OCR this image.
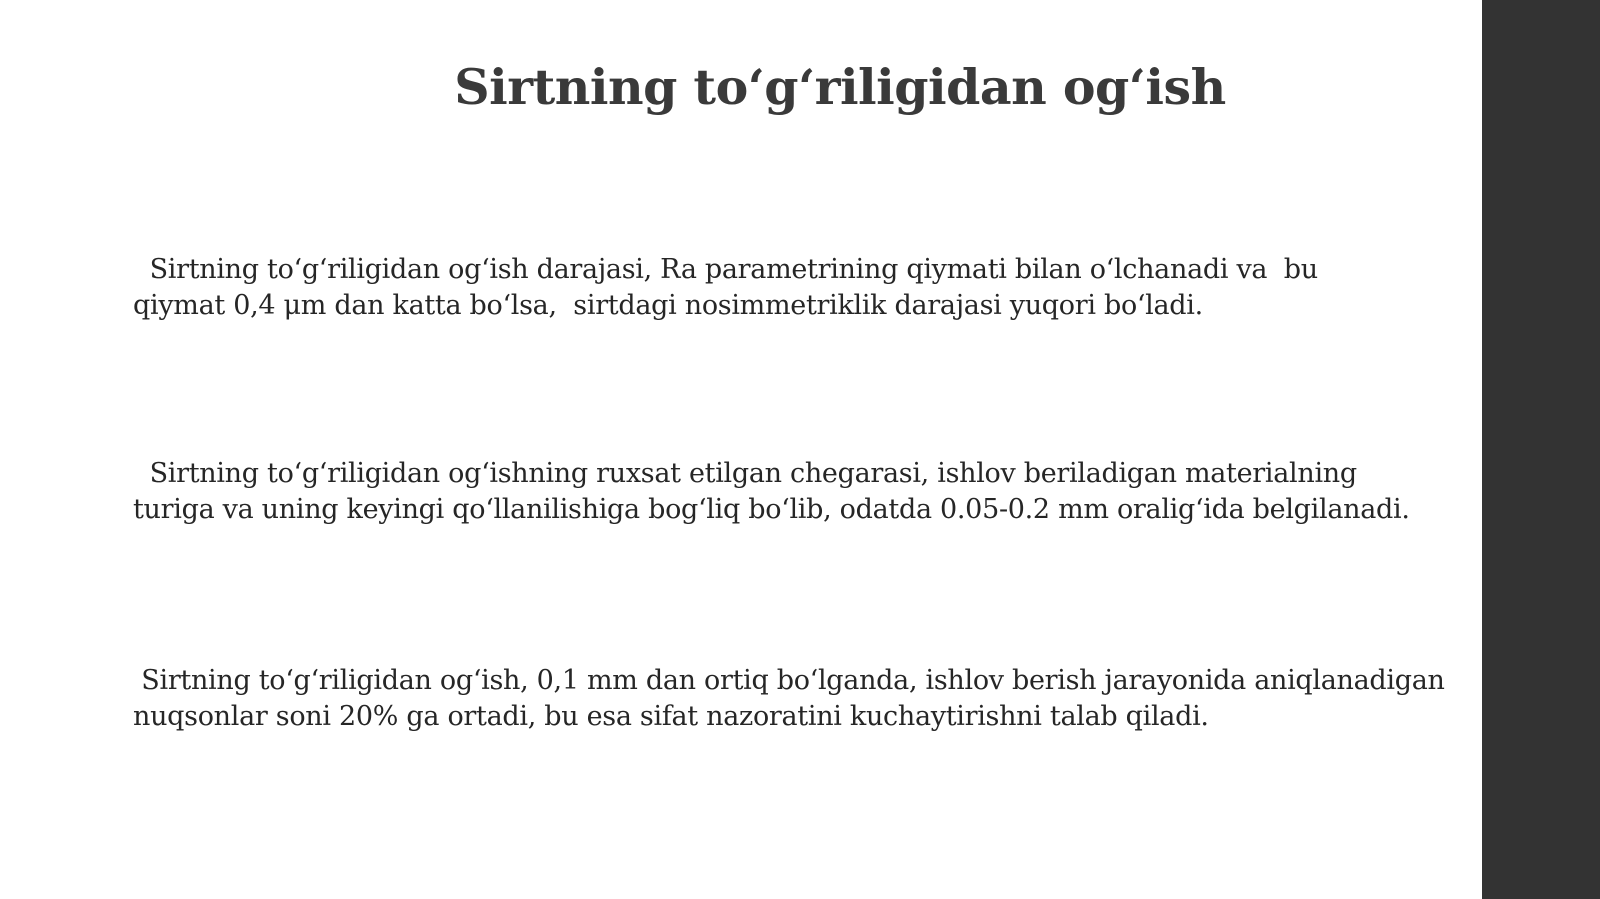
Sirtning to‘g‘riligidan og‘ish

Sirtning to‘g‘riligidan og‘ish darajasi, Ra parametrining qiymati bilan o‘lchanadi va  bu
qiymat 0,4 μm dan katta bo‘lsa,  sirtdagi nosimmetriklik darajasi yuqori bo‘ladi.

Sirtning to‘g‘riligidan og‘ishning ruxsat etilgan chegarasi, ishlov beriladigan materialning
turiga va uning keyingi qo‘llanilishiga bog‘liq bo‘lib, odatda 0.05-0.2 mm oralig‘ida belgilanadi.

Sirtning to‘g‘riligidan og‘ish, 0,1 mm dan ortiq bo‘lganda, ishlov berish jarayonida aniqlanadigan
nuqsonlar soni 20% ga ortadi, bu esa sifat nazoratini kuchaytirishni talab qiladi.
